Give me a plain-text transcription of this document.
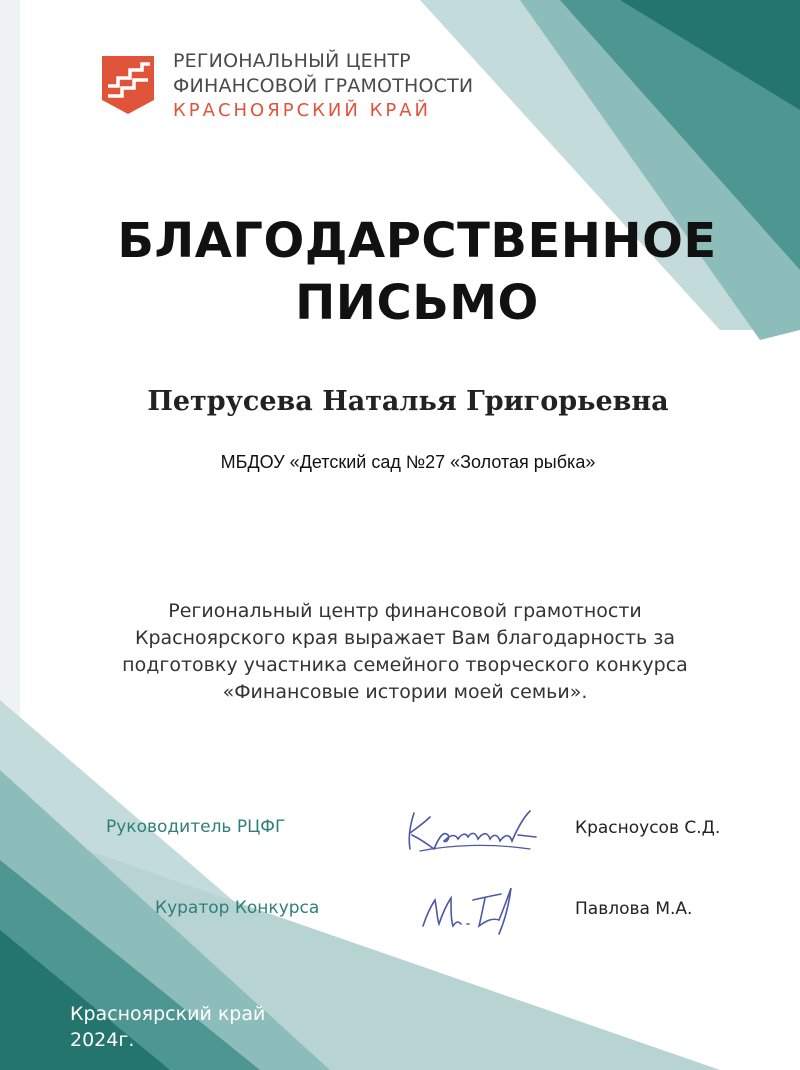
РЕГИОНАЛЬНЫЙ ЦЕНТР
ФИНАНСОВОЙ ГРАМОТНОСТИ
КРАСНОЯРСКИЙ КРАЙ
БЛАГОДАРСТВЕННОЕ
ПИСЬМО
Петрусева Наталья Григорьевна
МБДОУ «Детский сад №27 «Золотая рыбка»
Региональный центр финансовой грамотности
Красноярского края выражает Вам благодарность за
подготовку участника семейного творческого конкурса
«Финансовые истории моей семьи».
Руководитель РЦФГ	Красноусов С.Д.
Куратор Конкурса	Павлова М.А.
Красноярский край
2024г.
